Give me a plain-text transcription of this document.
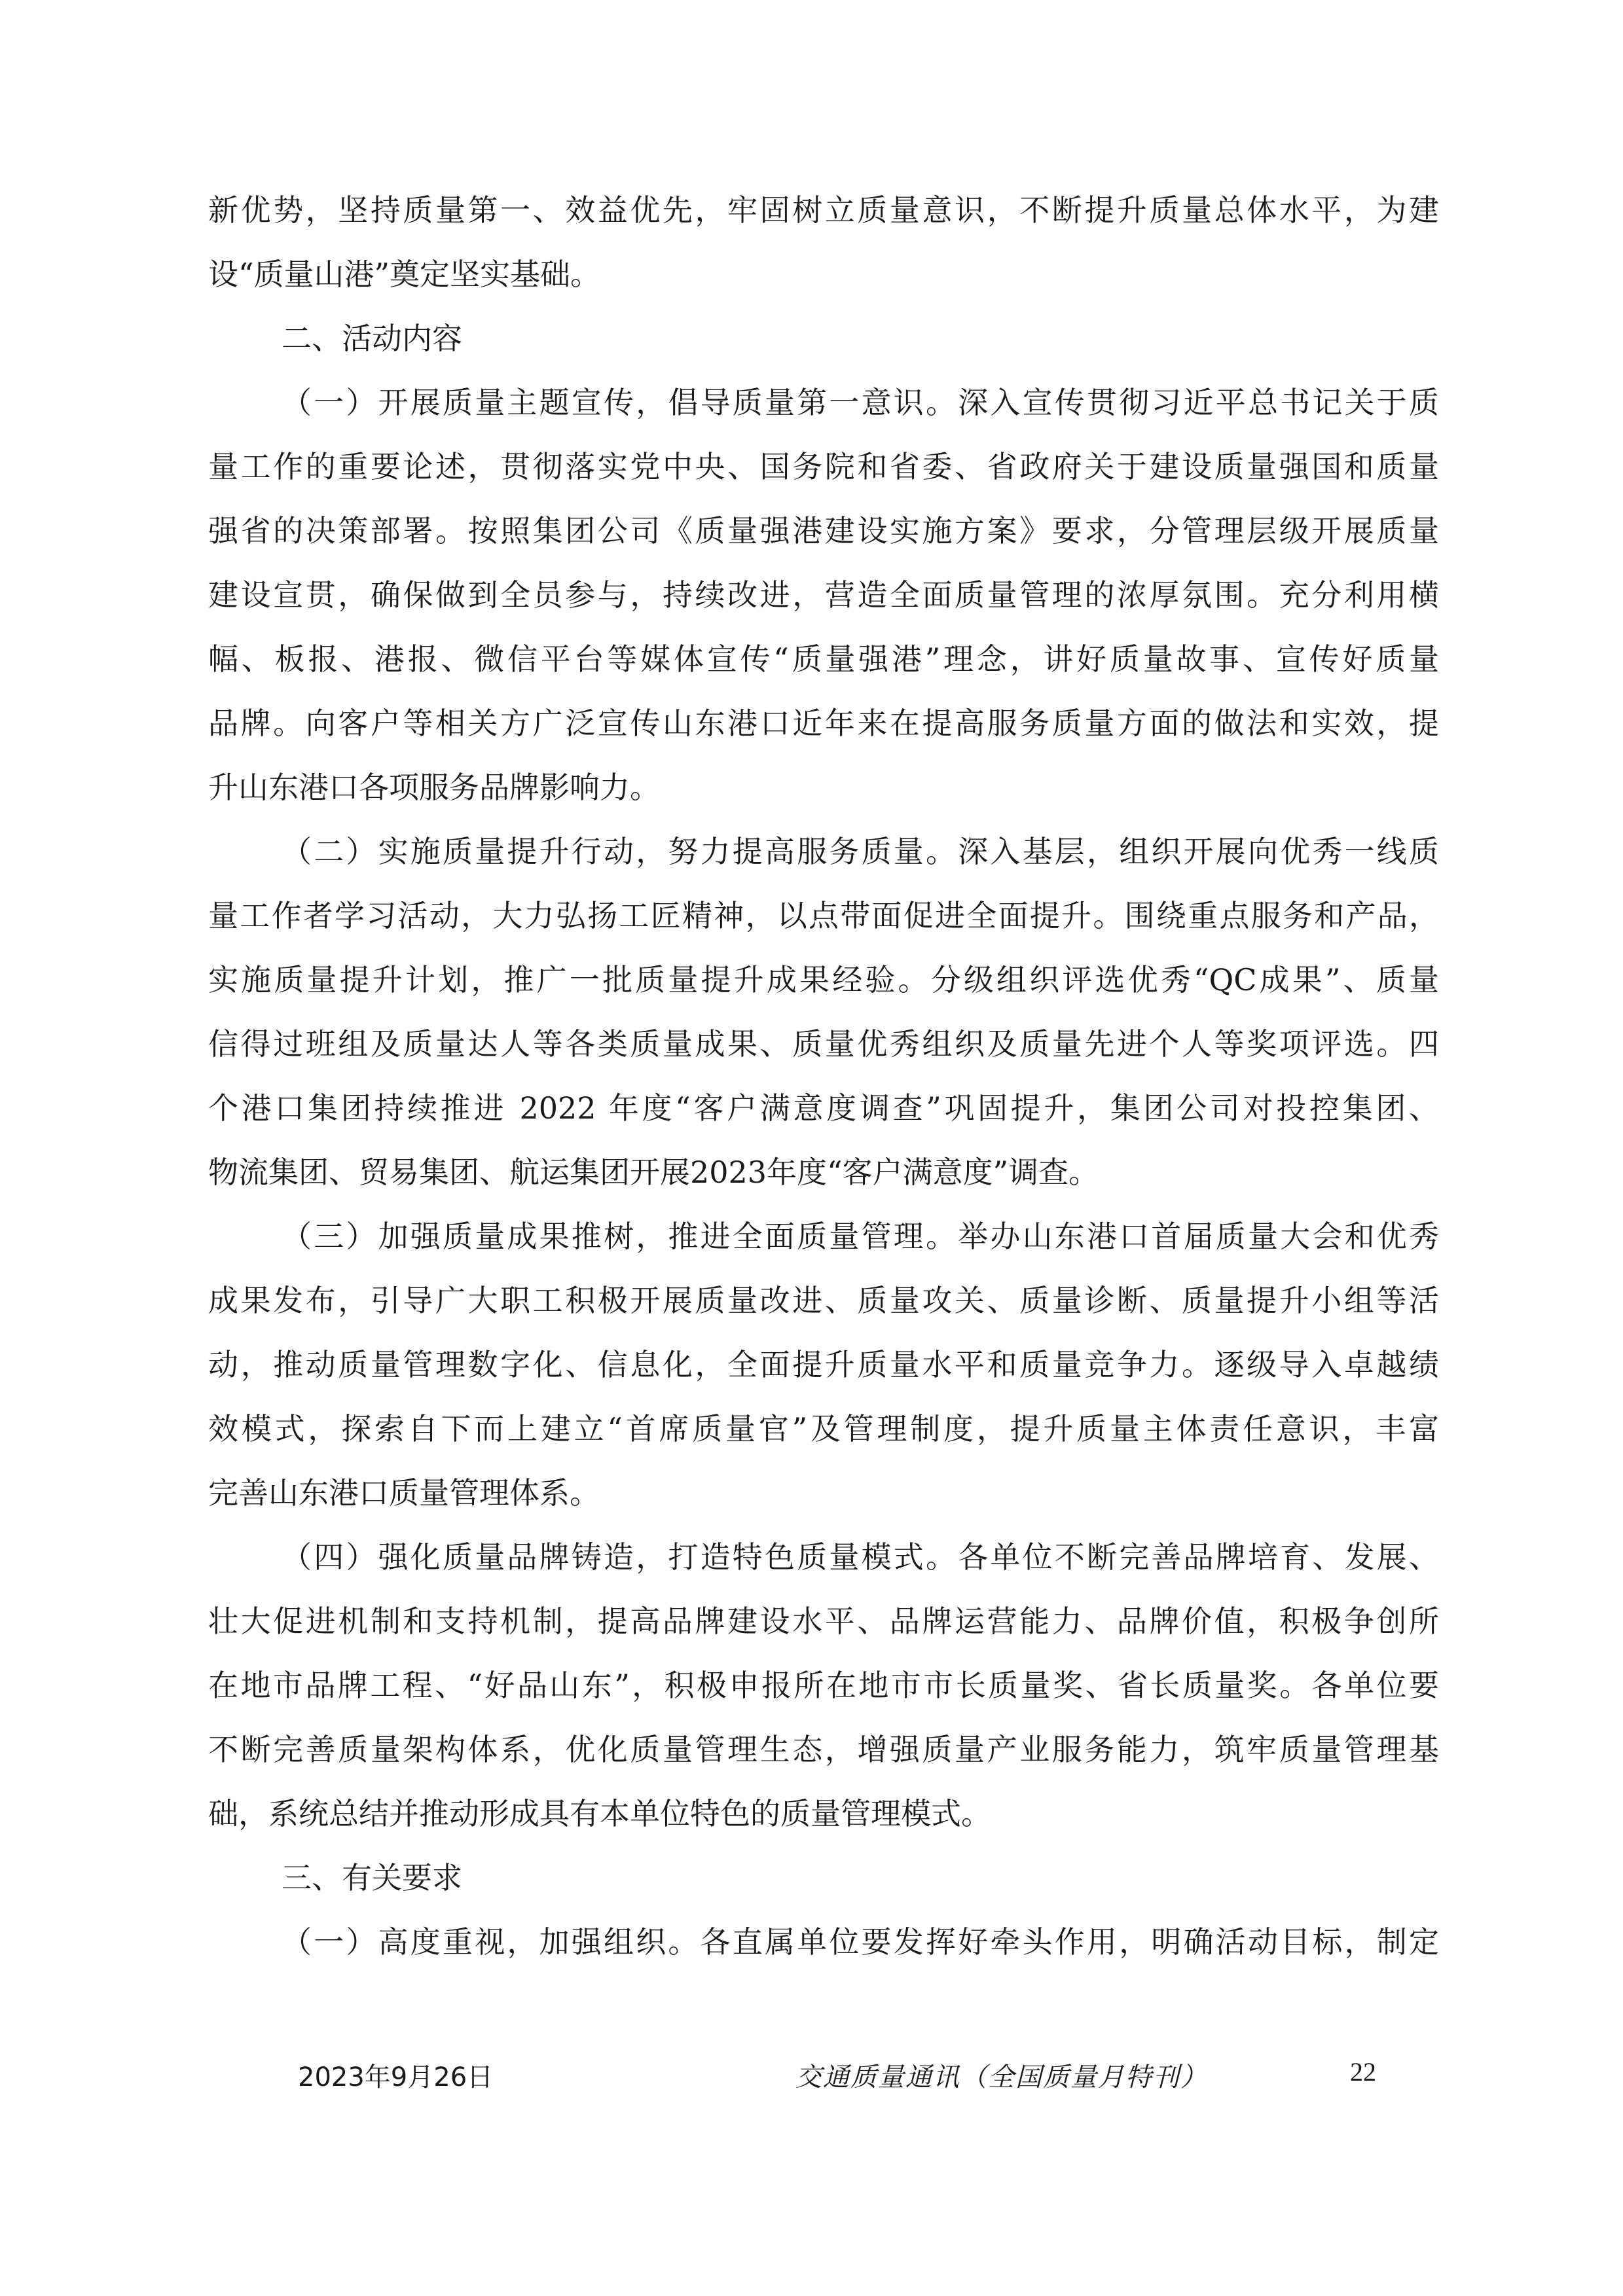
新优势，坚持质量第一、效益优先，牢固树立质量意识，不断提升质量总体水平，为建
设“质量山港”奠定坚实基础。
二、活动内容
（一）开展质量主题宣传，倡导质量第一意识。深入宣传贯彻习近平总书记关于质
量工作的重要论述，贯彻落实党中央、国务院和省委、省政府关于建设质量强国和质量
强省的决策部署。按照集团公司《质量强港建设实施方案》要求，分管理层级开展质量
建设宣贯，确保做到全员参与，持续改进，营造全面质量管理的浓厚氛围。充分利用横
幅、板报、港报、微信平台等媒体宣传“质量强港”理念，讲好质量故事、宣传好质量
品牌。向客户等相关方广泛宣传山东港口近年来在提高服务质量方面的做法和实效，提
升山东港口各项服务品牌影响力。
（二）实施质量提升行动，努力提高服务质量。深入基层，组织开展向优秀一线质
量工作者学习活动，大力弘扬工匠精神，以点带面促进全面提升。围绕重点服务和产品，
实施质量提升计划，推广一批质量提升成果经验。分级组织评选优秀“QC成果”、质量
信得过班组及质量达人等各类质量成果、质量优秀组织及质量先进个人等奖项评选。四
个港口集团持续推进 2022 年度“客户满意度调查”巩固提升，集团公司对投控集团、
物流集团、贸易集团、航运集团开展2023年度“客户满意度”调查。
（三）加强质量成果推树，推进全面质量管理。举办山东港口首届质量大会和优秀
成果发布，引导广大职工积极开展质量改进、质量攻关、质量诊断、质量提升小组等活
动，推动质量管理数字化、信息化，全面提升质量水平和质量竞争力。逐级导入卓越绩
效模式，探索自下而上建立“首席质量官”及管理制度，提升质量主体责任意识，丰富
完善山东港口质量管理体系。
（四）强化质量品牌铸造，打造特色质量模式。各单位不断完善品牌培育、发展、
壮大促进机制和支持机制，提高品牌建设水平、品牌运营能力、品牌价值，积极争创所
在地市品牌工程、“好品山东”，积极申报所在地市市长质量奖、省长质量奖。各单位要
不断完善质量架构体系，优化质量管理生态，增强质量产业服务能力，筑牢质量管理基
础，系统总结并推动形成具有本单位特色的质量管理模式。
三、有关要求
（一）高度重视，加强组织。各直属单位要发挥好牵头作用，明确活动目标，制定
2023年9月26日	交通质量通讯（全国质量月特刊）	22
